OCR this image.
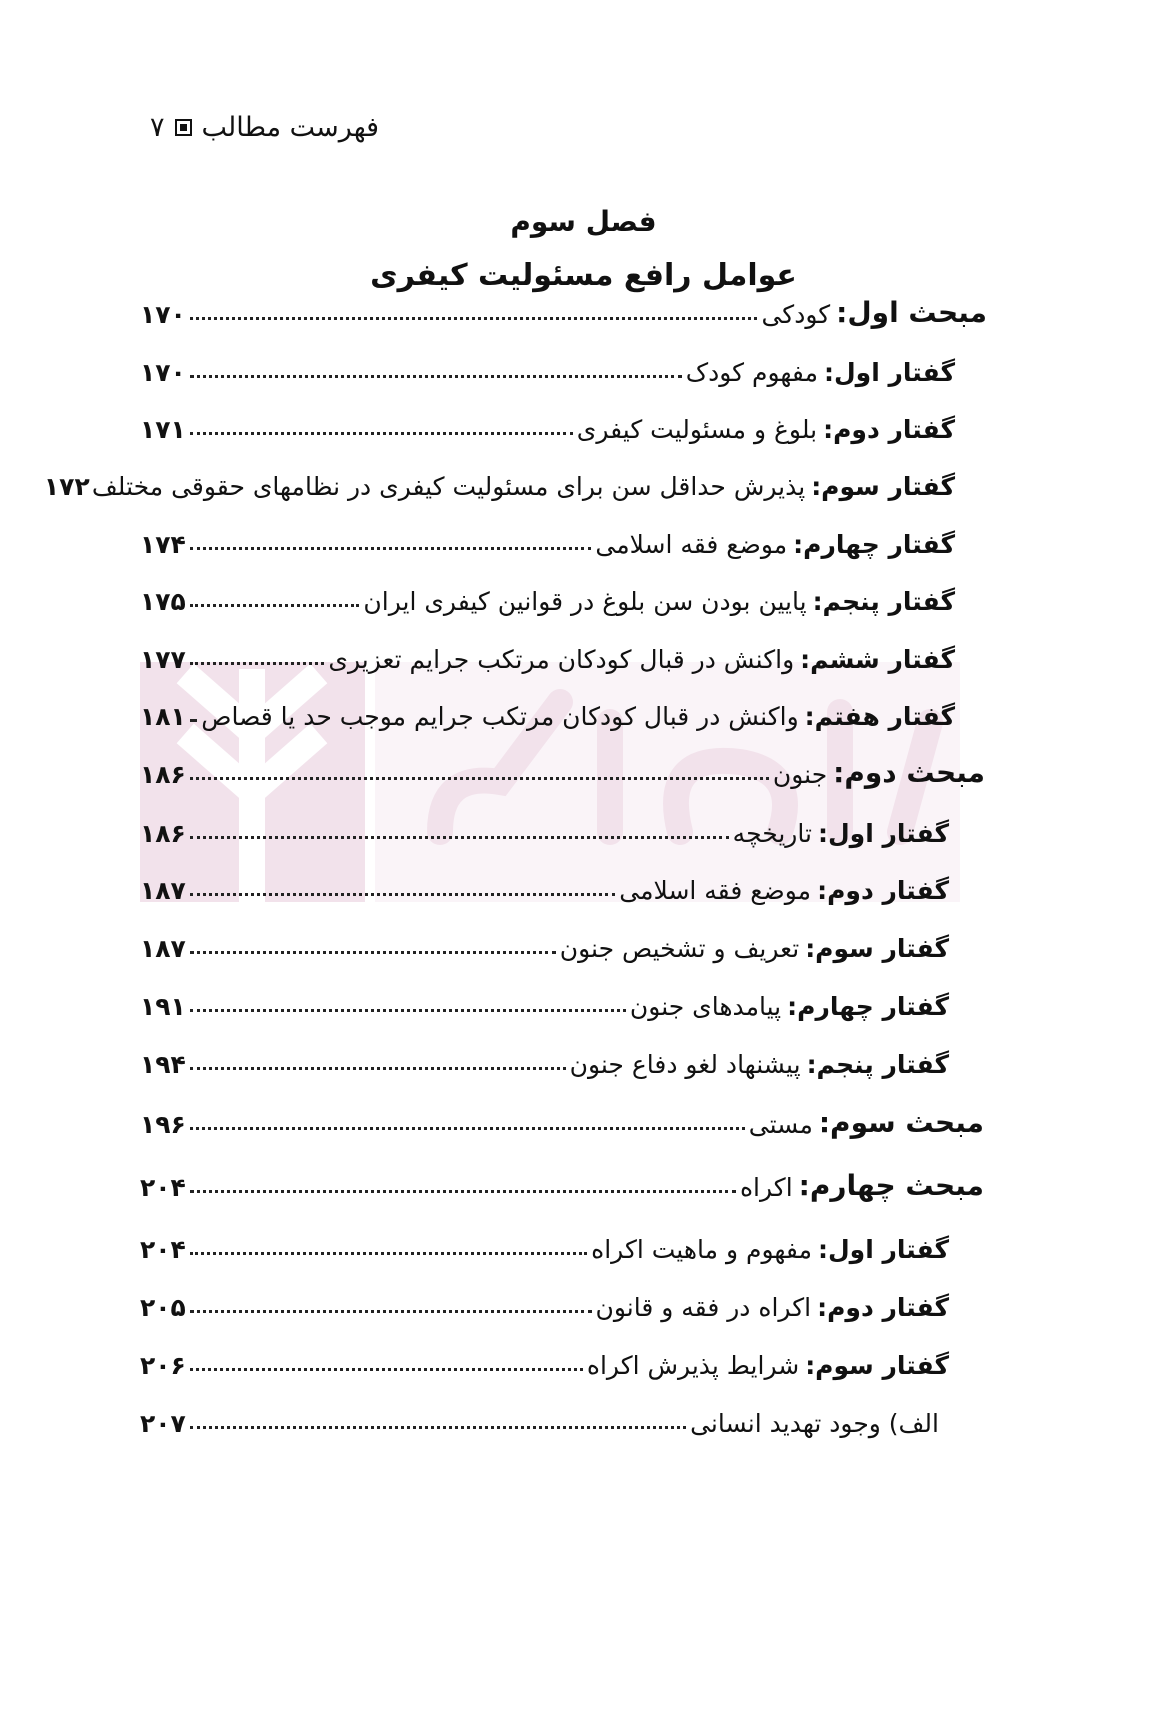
فهرست مطالب
۷
فصل سوم
عوامل رافع مسئولیت کیفری
مبحث اول:
کودکی
۱۷۰
گفتار اول:
مفهوم کودک
۱۷۰
گفتار دوم:
بلوغ و مسئولیت کیفری
۱۷۱
گفتار سوم:
پذیرش حداقل سن برای مسئولیت کیفری در نظامهای حقوقی مختلف
۱۷۲
گفتار چهارم:
موضع فقه اسلامی
۱۷۴
گفتار پنجم:
پایین بودن سن بلوغ در قوانین کیفری ایران
۱۷۵
گفتار ششم:
واکنش در قبال کودکان مرتکب جرایم تعزیری
۱۷۷
گفتار هفتم:
واکنش در قبال کودکان مرتکب جرایم موجب حد یا قصاص
۱۸۱
مبحث دوم:
جنون
۱۸۶
گفتار اول:
تاریخچه
۱۸۶
گفتار دوم:
موضع فقه اسلامی
۱۸۷
گفتار سوم:
تعریف و تشخیص جنون
۱۸۷
گفتار چهارم:
پیامدهای جنون
۱۹۱
گفتار پنجم:
پیشنهاد لغو دفاع جنون
۱۹۴
مبحث سوم:
مستی
۱۹۶
مبحث چهارم:
اکراه
۲۰۴
گفتار اول:
مفهوم و ماهیت اکراه
۲۰۴
گفتار دوم:
اکراه در فقه و قانون
۲۰۵
گفتار سوم:
شرایط پذیرش اکراه
۲۰۶
الف) وجود تهدید انسانی
۲۰۷
